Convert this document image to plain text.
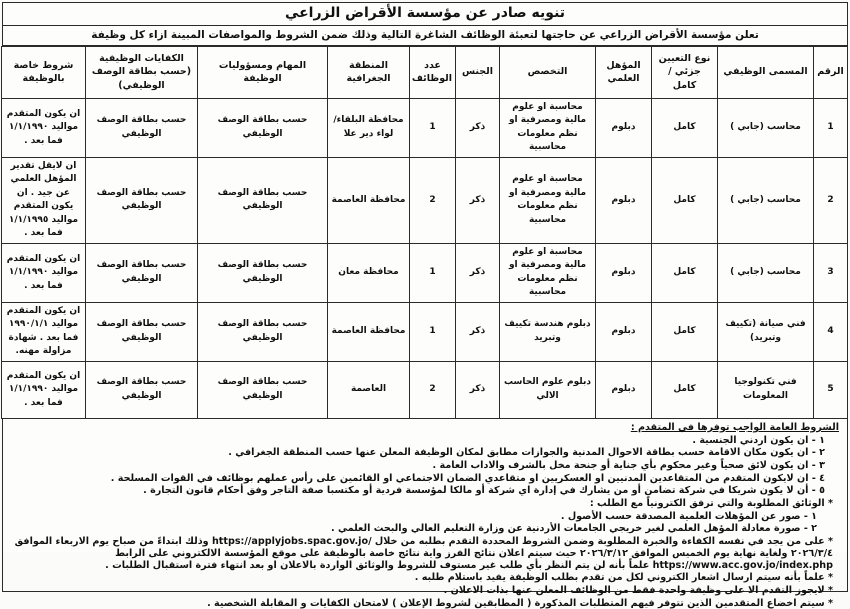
تنويه صادر عن مؤسسة الأقراض الزراعي
تعلن مؤسسة الأقراض الزراعي عن حاجتها لتعبئة الوظائف الشاغرة التالية وذلك ضمن الشروط والمواصفات المبينة ازاء كل وظيفة
الرقم	المسمى الوظيفي	نوع التعيين جزئي / كامل	المؤهل العلمي	التخصص	الجنس	عدد الوظائف	المنطقة الجغرافية	المهام ومسؤوليات الوظيفة	الكفايات الوظيفية (حسب بطاقة الوصف الوظيفي)	شروط خاصة بالوظيفة
1	محاسب (جابي )	كامل	دبلوم	محاسبة او علوم مالية ومصرفية او نظم معلومات محاسبية	ذكر	1	محافظة البلقاء/ لواء دير علا	حسب بطاقة الوصف الوظيفي	حسب بطاقة الوصف الوظيفي	ان يكون المتقدم مواليد ١/١/١٩٩٠ فما بعد .
2	محاسب (جابي )	كامل	دبلوم	محاسبة او علوم مالية ومصرفية او نظم معلومات محاسبية	ذكر	2	محافظة العاصمة	حسب بطاقة الوصف الوظيفي	حسب بطاقة الوصف الوظيفي	ان لايقل تقدير المؤهل العلمي عن جيد . ان يكون المتقدم مواليد ١/١/١٩٩٥ فما بعد .
3	محاسب (جابي )	كامل	دبلوم	محاسبة او علوم مالية ومصرفية او نظم معلومات محاسبية	ذكر	1	محافظة معان	حسب بطاقة الوصف الوظيفي	حسب بطاقة الوصف الوظيفي	ان يكون المتقدم مواليد ١/١/١٩٩٠ فما بعد .
4	فني صيانة (تكييف وتبريد)	كامل	دبلوم	دبلوم هندسة تكييف وتبريد	ذكر	1	محافظة العاصمة	حسب بطاقة الوصف الوظيفي	حسب بطاقة الوصف الوظيفي	ان يكون المتقدم مواليد ١٩٩٠/١/١ فما بعد . شهادة مزاولة مهنه.
5	فني تكنولوجيا المعلومات	كامل	دبلوم	دبلوم علوم الحاسب الالي	ذكر	2	العاصمة	حسب بطاقة الوصف الوظيفي	حسب بطاقة الوصف الوظيفي	ان يكون المتقدم مواليد ١/١/١٩٩٠ فما بعد .
الشروط العامة الواجب توفرها في المتقدم :
١ - ان يكون اردني الجنسية .
٢ - ان يكون مكان الاقامة حسب بطاقة الاحوال المدنية والجوازات مطابق لمكان الوظيفة المعلن عنها حسب المنطقة الجغرافي .
٣ - ان يكون لائق صحياً وغير محكوم بأي جناية أو جنحة مخل بالشرف والاداب العامة .
٤ - ان لايكون المتقدم من المتقاعدين المدنيين او العسكريين او متقاعدي الضمان الاجتماعي او القائمين على رأس عملهم بوظائف في القوات المسلحة .
٥ - أن لا يكون شريكا في شركة تضامن أو من يشارك في إدارة اي شركة أو مالكا لمؤسسة فردية أو مكتسبا صفة التاجر وفق أحكام قانون التجارة .
* الوثائق المطلوبة والتي ترفق الكترونياً مع الطلب :
١ - صور عن المؤهلات العلمية المصدقة حسب الأصول .
٢ - صورة معادلة المؤهل العلمي لغير خريجي الجامعات الأردنية عن وزارة التعليم العالي والبحث العلمي .
* على من يجد في نفسه الكفاءة والخبرة المطلوبة وضمن الشروط المحددة التقدم بطلبه من خلال /https://applyjobs.spac.gov.jo وذلك ابتداءً من صباح يوم الاربعاء الموافق ٢٠٢٦/٣/٤ ولغاية نهاية يوم الخميس الموافق ٢٠٢٦/٣/١٢ حيث سيتم اعلان نتائج الفرز واية نتائج خاصة بالوظيفة على موقع المؤسسة الالكتروني على الرابط https://www.acc.gov.jo/index.php علماً بأنه لن يتم النظر بأي طلب غير مستوف للشروط والوثائق الواردة بالاعلان او بعد انتهاء فترة استقبال الطلبات .
* علماً بأنه سيتم ارسال اشعار الكتروني لكل من تقدم بطلب الوظيفة يفيد باستلام طلبه .
* لايجوز التقدم الا على وظيفة واحدة فقط من الوظائف المعلن عنها بذات الاعلان .
* سيتم اخضاع المتقدمين الذين تتوفر فيهم المتطلبات المذكورة ( المطابقين لشروط الإعلان ) لامتحان الكفايات و المقابلة الشخصية .
